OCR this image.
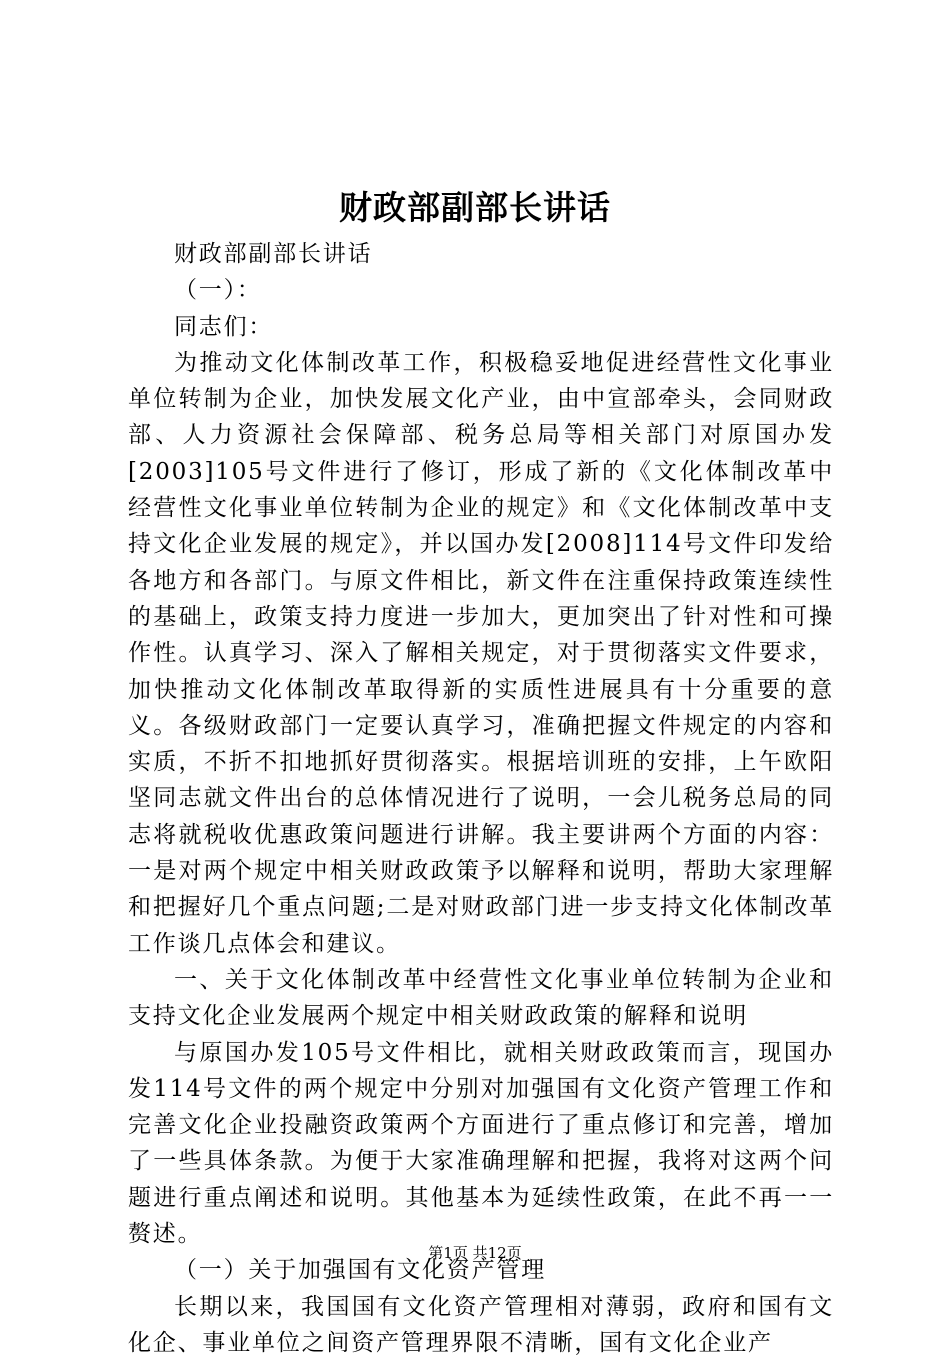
财政部副部长讲话

财政部副部长讲话

（一）：

同志们：

为推动文化体制改革工作，积极稳妥地促进经营性文化事业单位转制为企业，加快发展文化产业，由中宣部牵头，会同财政部、人力资源社会保障部、税务总局等相关部门对原国办发[2003]105号文件进行了修订，形成了新的《文化体制改革中经营性文化事业单位转制为企业的规定》和《文化体制改革中支持文化企业发展的规定》，并以国办发[2008]114号文件印发给各地方和各部门。与原文件相比，新文件在注重保持政策连续性的基础上，政策支持力度进一步加大，更加突出了针对性和可操作性。认真学习、深入了解相关规定，对于贯彻落实文件要求，加快推动文化体制改革取得新的实质性进展具有十分重要的意义。各级财政部门一定要认真学习，准确把握文件规定的内容和实质，不折不扣地抓好贯彻落实。根据培训班的安排，上午欧阳坚同志就文件出台的总体情况进行了说明，一会儿税务总局的同志将就税收优惠政策问题进行讲解。我主要讲两个方面的内容：一是对两个规定中相关财政政策予以解释和说明，帮助大家理解和把握好几个重点问题;二是对财政部门进一步支持文化体制改革工作谈几点体会和建议。

一、关于文化体制改革中经营性文化事业单位转制为企业和支持文化企业发展两个规定中相关财政政策的解释和说明

与原国办发105号文件相比，就相关财政政策而言，现国办发114号文件的两个规定中分别对加强国有文化资产管理工作和完善文化企业投融资政策两个方面进行了重点修订和完善，增加了一些具体条款。为便于大家准确理解和把握，我将对这两个问题进行重点阐述和说明。其他基本为延续性政策，在此不再一一赘述。

（一）关于加强国有文化资产管理

长期以来，我国国有文化资产管理相对薄弱，政府和国有文化企、事业单位之间资产管理界限不清晰，国有文化企业产

第1页 共12页
